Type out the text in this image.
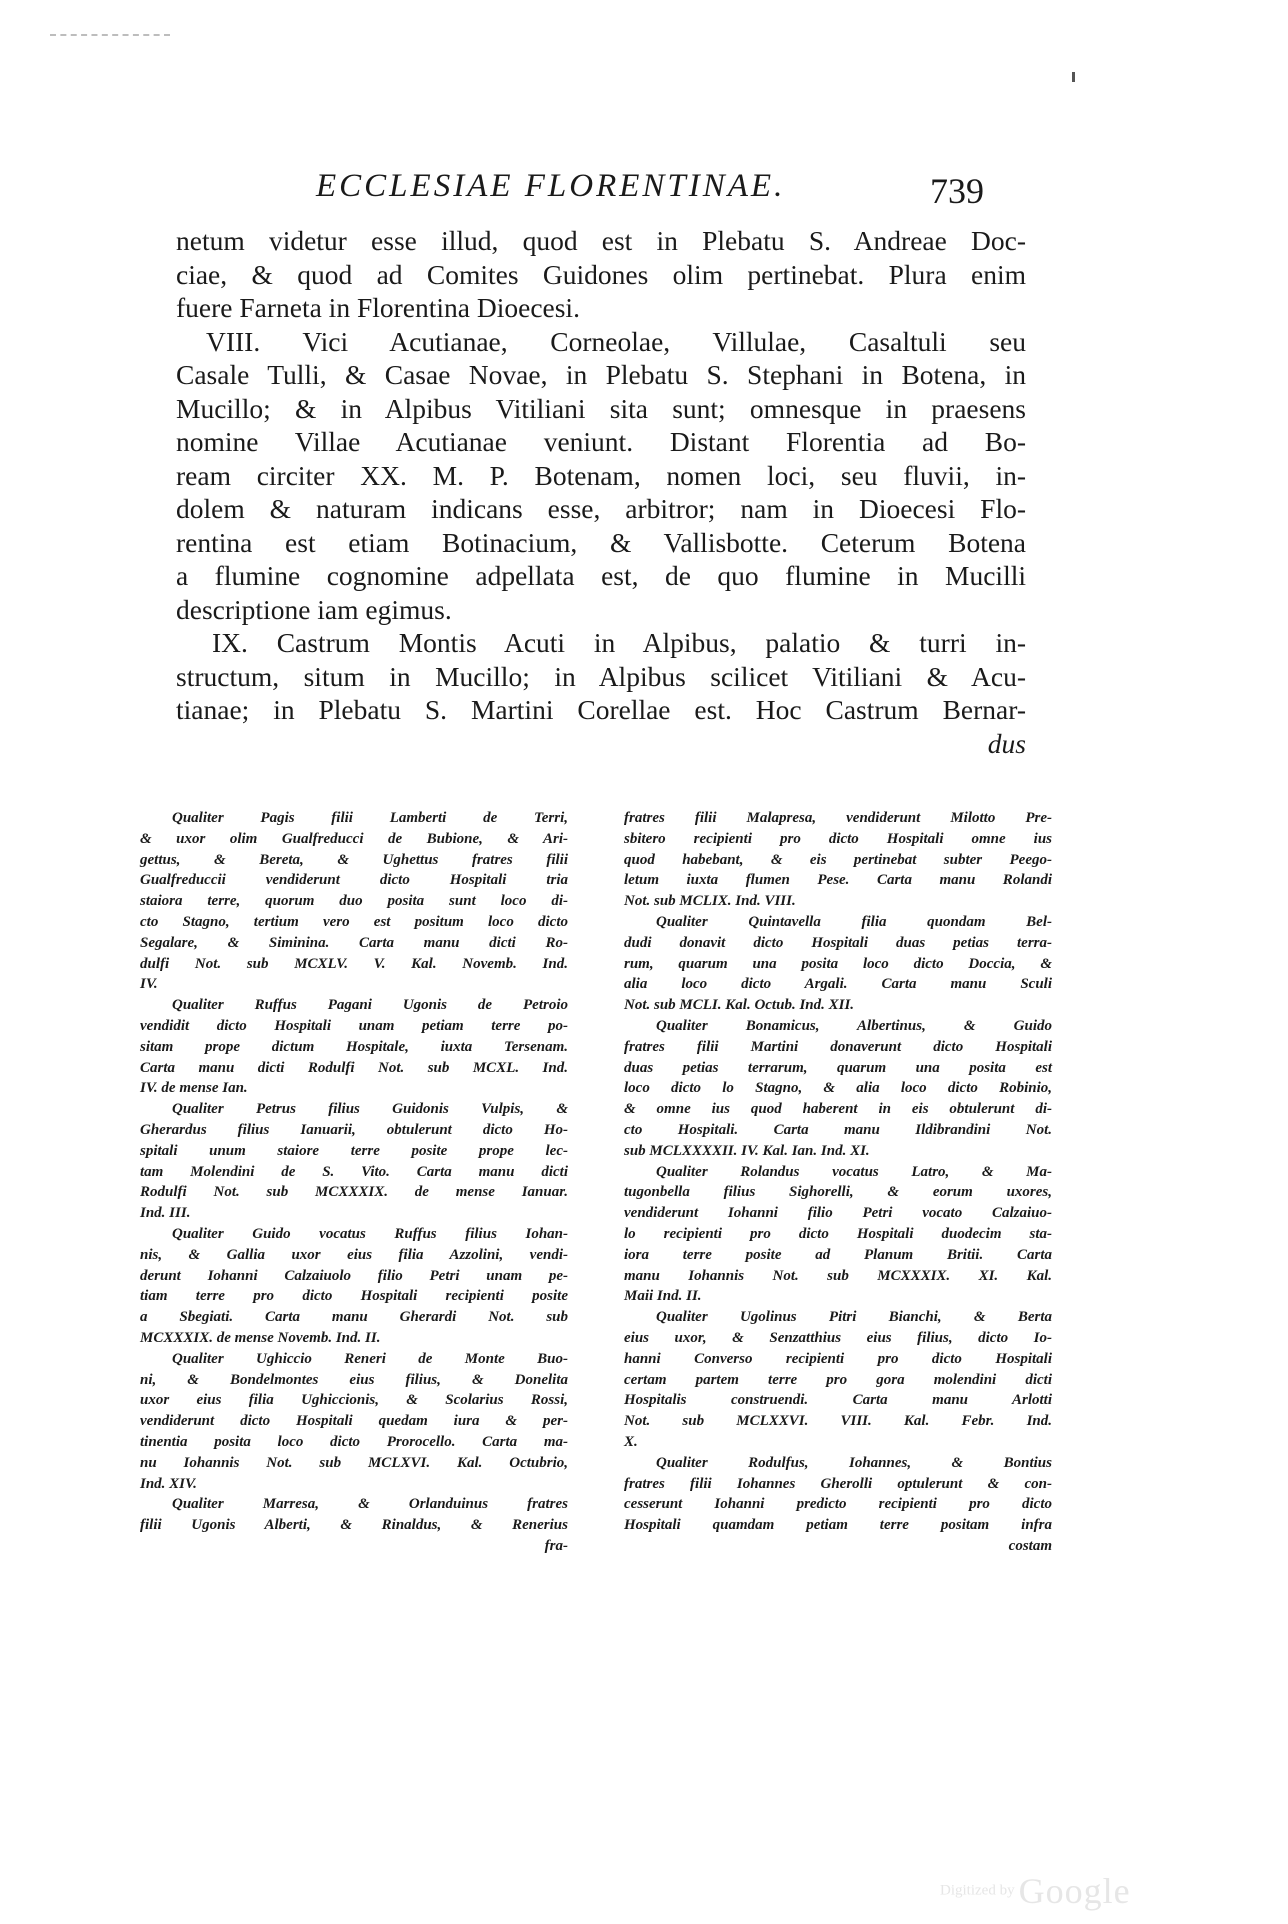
ECCLESIAE FLORENTINAE.	739
netum videtur esse illud, quod est in Plebatu S. Andreae Doc-
ciae, & quod ad Comites Guidones olim pertinebat. Plura enim
fuere Farneta in Florentina Dioecesi.
VIII. Vici Acutianae, Corneolae, Villulae, Casaltuli seu
Casale Tulli, & Casae Novae, in Plebatu S. Stephani in Botena, in
Mucillo; & in Alpibus Vitiliani sita sunt; omnesque in praesens
nomine Villae Acutianae veniunt. Distant Florentia ad Bo-
ream circiter XX. M. P. Botenam, nomen loci, seu fluvii, in-
dolem & naturam indicans esse, arbitror; nam in Dioecesi Flo-
rentina est etiam Botinacium, & Vallisbotte. Ceterum Botena
a flumine cognomine adpellata est, de quo flumine in Mucilli
descriptione iam egimus.
IX. Castrum Montis Acuti in Alpibus, palatio & turri in-
structum, situm in Mucillo; in Alpibus scilicet Vitiliani & Acu-
tianae; in Plebatu S. Martini Corellae est. Hoc Castrum Bernar-
dus
Qualiter Pagis filii Lamberti de Terri,
& uxor olim Gualfreducci de Bubione, & Ari-
gettus, & Bereta, & Ughettus fratres filii
Gualfreduccii vendiderunt dicto Hospitali tria
staiora terre, quorum duo posita sunt loco di-
cto Stagno, tertium vero est positum loco dicto
Segalare, & Siminina. Carta manu dicti Ro-
dulfi Not. sub MCXLV. V. Kal. Novemb. Ind.
IV.
Qualiter Ruffus Pagani Ugonis de Petroio
vendidit dicto Hospitali unam petiam terre po-
sitam prope dictum Hospitale, iuxta Tersenam.
Carta manu dicti Rodulfi Not. sub MCXL. Ind.
IV. de mense Ian.
Qualiter Petrus filius Guidonis Vulpis, &
Gherardus filius Ianuarii, obtulerunt dicto Ho-
spitali unum staiore terre posite prope lec-
tam Molendini de S. Vito. Carta manu dicti
Rodulfi Not. sub MCXXXIX. de mense Ianuar.
Ind. III.
Qualiter Guido vocatus Ruffus filius Iohan-
nis, & Gallia uxor eius filia Azzolini, vendi-
derunt Iohanni Calzaiuolo filio Petri unam pe-
tiam terre pro dicto Hospitali recipienti posite
a Sbegiati. Carta manu Gherardi Not. sub
MCXXXIX. de mense Novemb. Ind. II.
Qualiter Ughiccio Reneri de Monte Buo-
ni, & Bondelmontes eius filius, & Donelita
uxor eius filia Ughiccionis, & Scolarius Rossi,
vendiderunt dicto Hospitali quedam iura & per-
tinentia posita loco dicto Prorocello. Carta ma-
nu Iohannis Not. sub MCLXVI. Kal. Octubrio,
Ind. XIV.
Qualiter Marresa, & Orlanduinus fratres
filii Ugonis Alberti, & Rinaldus, & Renerius
fra-
fratres filii Malapresa, vendiderunt Milotto Pre-
sbitero recipienti pro dicto Hospitali omne ius
quod habebant, & eis pertinebat subter Peego-
letum iuxta flumen Pese. Carta manu Rolandi
Not. sub MCLIX. Ind. VIII.
Qualiter Quintavella filia quondam Bel-
dudi donavit dicto Hospitali duas petias terra-
rum, quarum una posita loco dicto Doccia, &
alia loco dicto Argali. Carta manu Sculi
Not. sub MCLI. Kal. Octub. Ind. XII.
Qualiter Bonamicus, Albertinus, & Guido
fratres filii Martini donaverunt dicto Hospitali
duas petias terrarum, quarum una posita est
loco dicto lo Stagno, & alia loco dicto Robinio,
& omne ius quod haberent in eis obtulerunt di-
cto Hospitali. Carta manu Ildibrandini Not.
sub MCLXXXXII. IV. Kal. Ian. Ind. XI.
Qualiter Rolandus vocatus Latro, & Ma-
tugonbella filius Sighorelli, & eorum uxores,
vendiderunt Iohanni filio Petri vocato Calzaiuo-
lo recipienti pro dicto Hospitali duodecim sta-
iora terre posite ad Planum Britii. Carta
manu Iohannis Not. sub MCXXXIX. XI. Kal.
Maii Ind. II.
Qualiter Ugolinus Pitri Bianchi, & Berta
eius uxor, & Senzatthius eius filius, dicto Io-
hanni Converso recipienti pro dicto Hospitali
certam partem terre pro gora molendini dicti
Hospitalis construendi. Carta manu Arlotti
Not. sub MCLXXVI. VIII. Kal. Febr. Ind.
X.
Qualiter Rodulfus, Iohannes, & Bontius
fratres filii Iohannes Gherolli optulerunt & con-
cesserunt Iohanni predicto recipienti pro dicto
Hospitali quamdam petiam terre positam infra
costam
Digitized by Google
